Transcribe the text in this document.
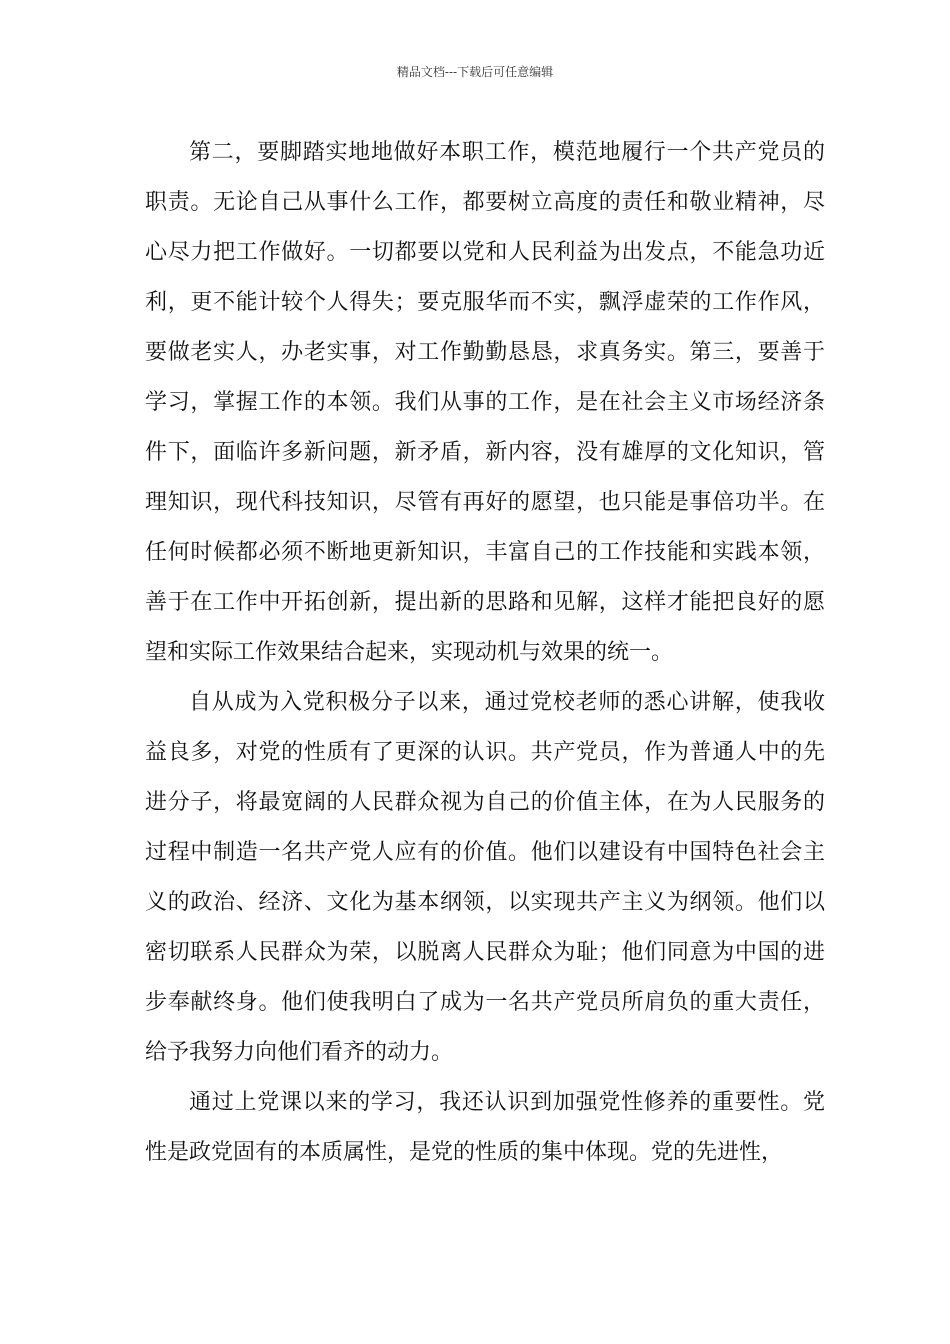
精品文档---下载后可任意编辑

第二，要脚踏实地地做好本职工作，模范地履行一个共产党员的职责。无论自己从事什么工作，都要树立高度的责任和敬业精神，尽心尽力把工作做好。一切都要以党和人民利益为出发点，不能急功近利，更不能计较个人得失；要克服华而不实，飘浮虚荣的工作作风，要做老实人，办老实事，对工作勤勤恳恳，求真务实。第三，要善于学习，掌握工作的本领。我们从事的工作，是在社会主义市场经济条件下，面临许多新问题，新矛盾，新内容，没有雄厚的文化知识，管理知识，现代科技知识，尽管有再好的愿望，也只能是事倍功半。在任何时候都必须不断地更新知识，丰富自己的工作技能和实践本领，善于在工作中开拓创新，提出新的思路和见解，这样才能把良好的愿望和实际工作效果结合起来，实现动机与效果的统一。

自从成为入党积极分子以来，通过党校老师的悉心讲解，使我收益良多，对党的性质有了更深的认识。共产党员，作为普通人中的先进分子，将最宽阔的人民群众视为自己的价值主体，在为人民服务的过程中制造一名共产党人应有的价值。他们以建设有中国特色社会主义的政治、经济、文化为基本纲领，以实现共产主义为纲领。他们以密切联系人民群众为荣，以脱离人民群众为耻；他们同意为中国的进步奉献终身。他们使我明白了成为一名共产党员所肩负的重大责任，给予我努力向他们看齐的动力。

通过上党课以来的学习，我还认识到加强党性修养的重要性。党性是政党固有的本质属性，是党的性质的集中体现。党的先进性，
